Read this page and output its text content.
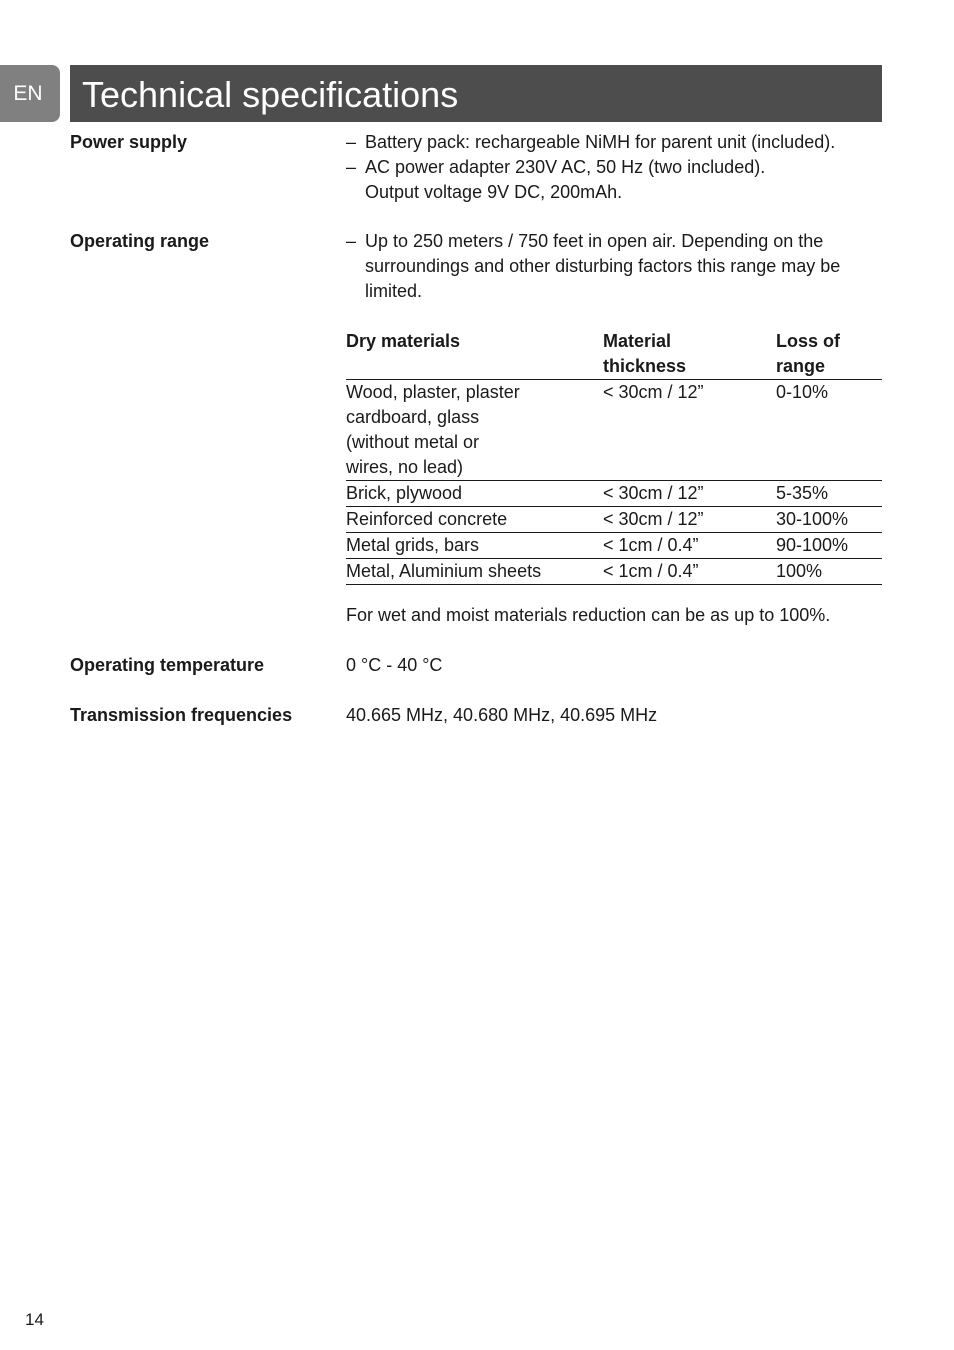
EN	Technical specifications
Power supply	– Battery pack: rechargeable NiMH for parent unit (included).
– AC power adapter 230V AC, 50 Hz (two included). Output voltage 9V DC, 200mAh.
Operating range	– Up to 250 meters / 750 feet in open air. Depending on the surroundings and other disturbing factors this range may be limited.
Dry materials	Material thickness	Loss of range

Wood, plaster, plaster cardboard, glass (without metal or wires, no lead)	< 30cm / 12”	0-10%
Brick, plywood	< 30cm / 12”	5-35%
Reinforced concrete	< 30cm / 12”	30-100%
Metal grids, bars	< 1cm / 0.4”	90-100%
Metal, Aluminium sheets	< 1cm / 0.4”	100%

For wet and moist materials reduction can be as up to 100%.

Operating temperature	0 °C - 40 °C
Transmission frequencies	40.665 MHz, 40.680 MHz, 40.695 MHz
14
